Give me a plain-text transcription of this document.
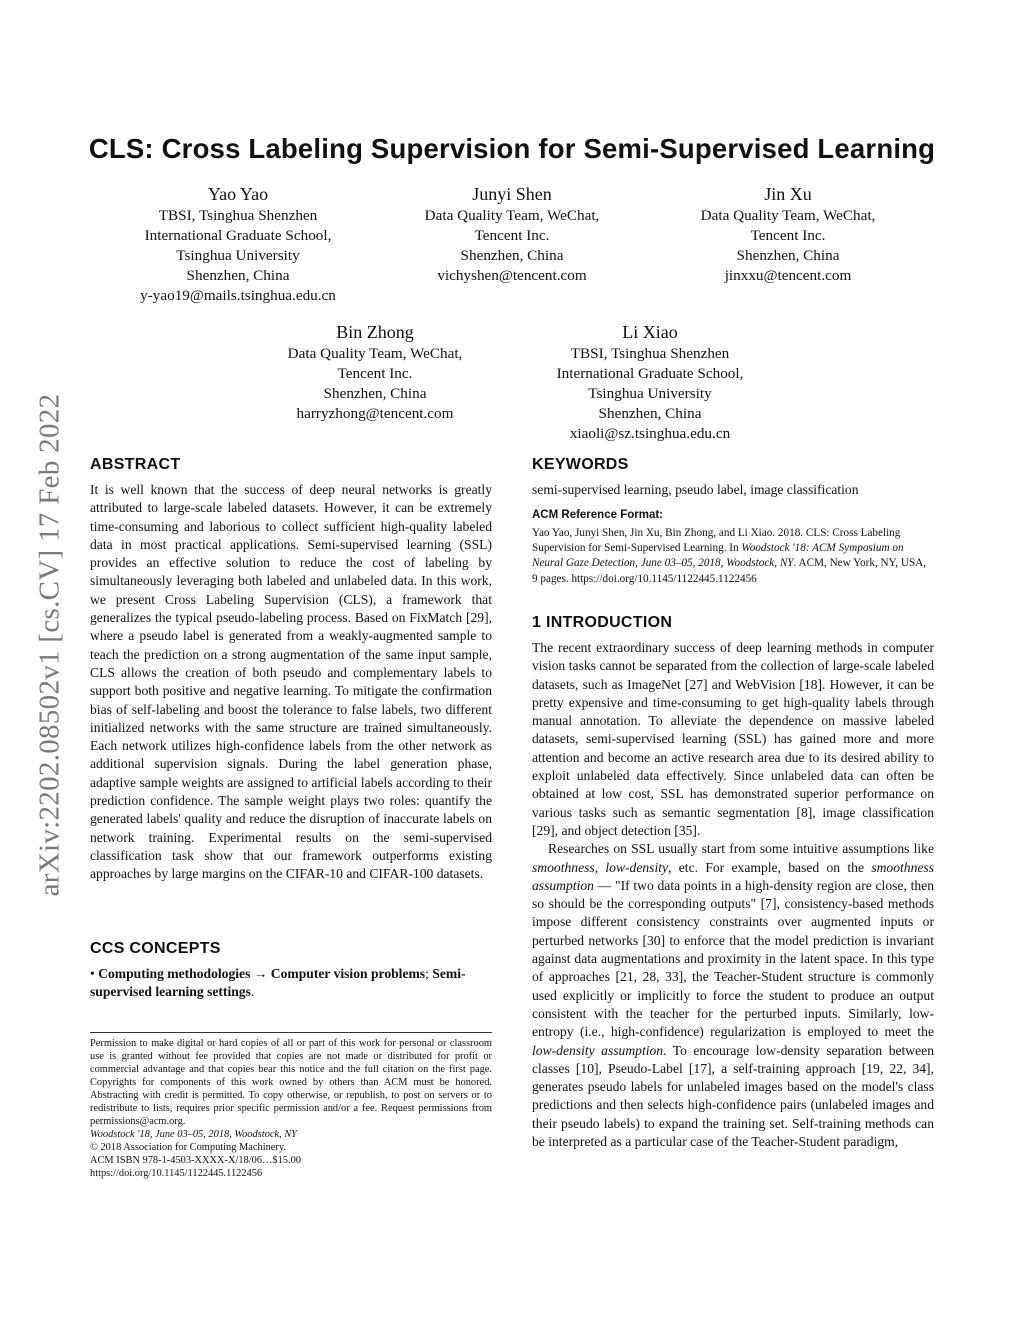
arXiv:2202.08502v1 [cs.CV] 17 Feb 2022
CLS: Cross Labeling Supervision for Semi-Supervised Learning
Yao Yao
TBSI, Tsinghua Shenzhen
International Graduate School,
Tsinghua University
Shenzhen, China
y-yao19@mails.tsinghua.edu.cn
Junyi Shen
Data Quality Team, WeChat,
Tencent Inc.
Shenzhen, China
vichyshen@tencent.com
Jin Xu
Data Quality Team, WeChat,
Tencent Inc.
Shenzhen, China
jinxxu@tencent.com
Bin Zhong
Data Quality Team, WeChat,
Tencent Inc.
Shenzhen, China
harryzhong@tencent.com
Li Xiao
TBSI, Tsinghua Shenzhen
International Graduate School,
Tsinghua University
Shenzhen, China
xiaoli@sz.tsinghua.edu.cn
ABSTRACT

It is well known that the success of deep neural networks is greatly attributed to large-scale labeled datasets. However, it can be extremely time-consuming and laborious to collect sufficient high-quality labeled data in most practical applications. Semi-supervised learning (SSL) provides an effective solution to reduce the cost of labeling by simultaneously leveraging both labeled and unlabeled data. In this work, we present Cross Labeling Supervision (CLS), a framework that generalizes the typical pseudo-labeling process. Based on FixMatch [29], where a pseudo label is generated from a weakly-augmented sample to teach the prediction on a strong augmentation of the same input sample, CLS allows the creation of both pseudo and complementary labels to support both positive and negative learning. To mitigate the confirmation bias of self-labeling and boost the tolerance to false labels, two different initialized networks with the same structure are trained simultaneously. Each network utilizes high-confidence labels from the other network as additional supervision signals. During the label generation phase, adaptive sample weights are assigned to artificial labels according to their prediction confidence. The sample weight plays two roles: quantify the generated labels' quality and reduce the disruption of inaccurate labels on network training. Experimental results on the semi-supervised classification task show that our framework outperforms existing approaches by large margins on the CIFAR-10 and CIFAR-100 datasets.

CCS CONCEPTS
• Computing methodologies → Computer vision problems; Semi-supervised learning settings.
Permission to make digital or hard copies of all or part of this work for personal or classroom use is granted without fee provided that copies are not made or distributed for profit or commercial advantage and that copies bear this notice and the full citation on the first page. Copyrights for components of this work owned by others than ACM must be honored. Abstracting with credit is permitted. To copy otherwise, or republish, to post on servers or to redistribute to lists, requires prior specific permission and/or a fee. Request permissions from permissions@acm.org.
Woodstock '18, June 03–05, 2018, Woodstock, NY
© 2018 Association for Computing Machinery.
ACM ISBN 978-1-4503-XXXX-X/18/06…$15.00
https://doi.org/10.1145/1122445.1122456
KEYWORDS
semi-supervised learning, pseudo label, image classification
ACM Reference Format:
Yao Yao, Junyi Shen, Jin Xu, Bin Zhong, and Li Xiao. 2018. CLS: Cross Labeling Supervision for Semi-Supervised Learning. In Woodstock '18: ACM Symposium on Neural Gaze Detection, June 03–05, 2018, Woodstock, NY. ACM, New York, NY, USA, 9 pages. https://doi.org/10.1145/1122445.1122456
1 INTRODUCTION

The recent extraordinary success of deep learning methods in computer vision tasks cannot be separated from the collection of large-scale labeled datasets, such as ImageNet [27] and WebVision [18]. However, it can be pretty expensive and time-consuming to get high-quality labels through manual annotation. To alleviate the dependence on massive labeled datasets, semi-supervised learning (SSL) has gained more and more attention and become an active research area due to its desired ability to exploit unlabeled data effectively. Since unlabeled data can often be obtained at low cost, SSL has demonstrated superior performance on various tasks such as semantic segmentation [8], image classification [29], and object detection [35].

Researches on SSL usually start from some intuitive assumptions like smoothness, low-density, etc. For example, based on the smoothness assumption — "If two data points in a high-density region are close, then so should be the corresponding outputs" [7], consistency-based methods impose different consistency constraints over augmented inputs or perturbed networks [30] to enforce that the model prediction is invariant against data augmentations and proximity in the latent space. In this type of approaches [21, 28, 33], the Teacher-Student structure is commonly used explicitly or implicitly to force the student to produce an output consistent with the teacher for the perturbed inputs. Similarly, low-entropy (i.e., high-confidence) regularization is employed to meet the low-density assumption. To encourage low-density separation between classes [10], Pseudo-Label [17], a self-training approach [19, 22, 34], generates pseudo labels for unlabeled images based on the model's class predictions and then selects high-confidence pairs (unlabeled images and their pseudo labels) to expand the training set. Self-training methods can be interpreted as a particular case of the Teacher-Student paradigm,
